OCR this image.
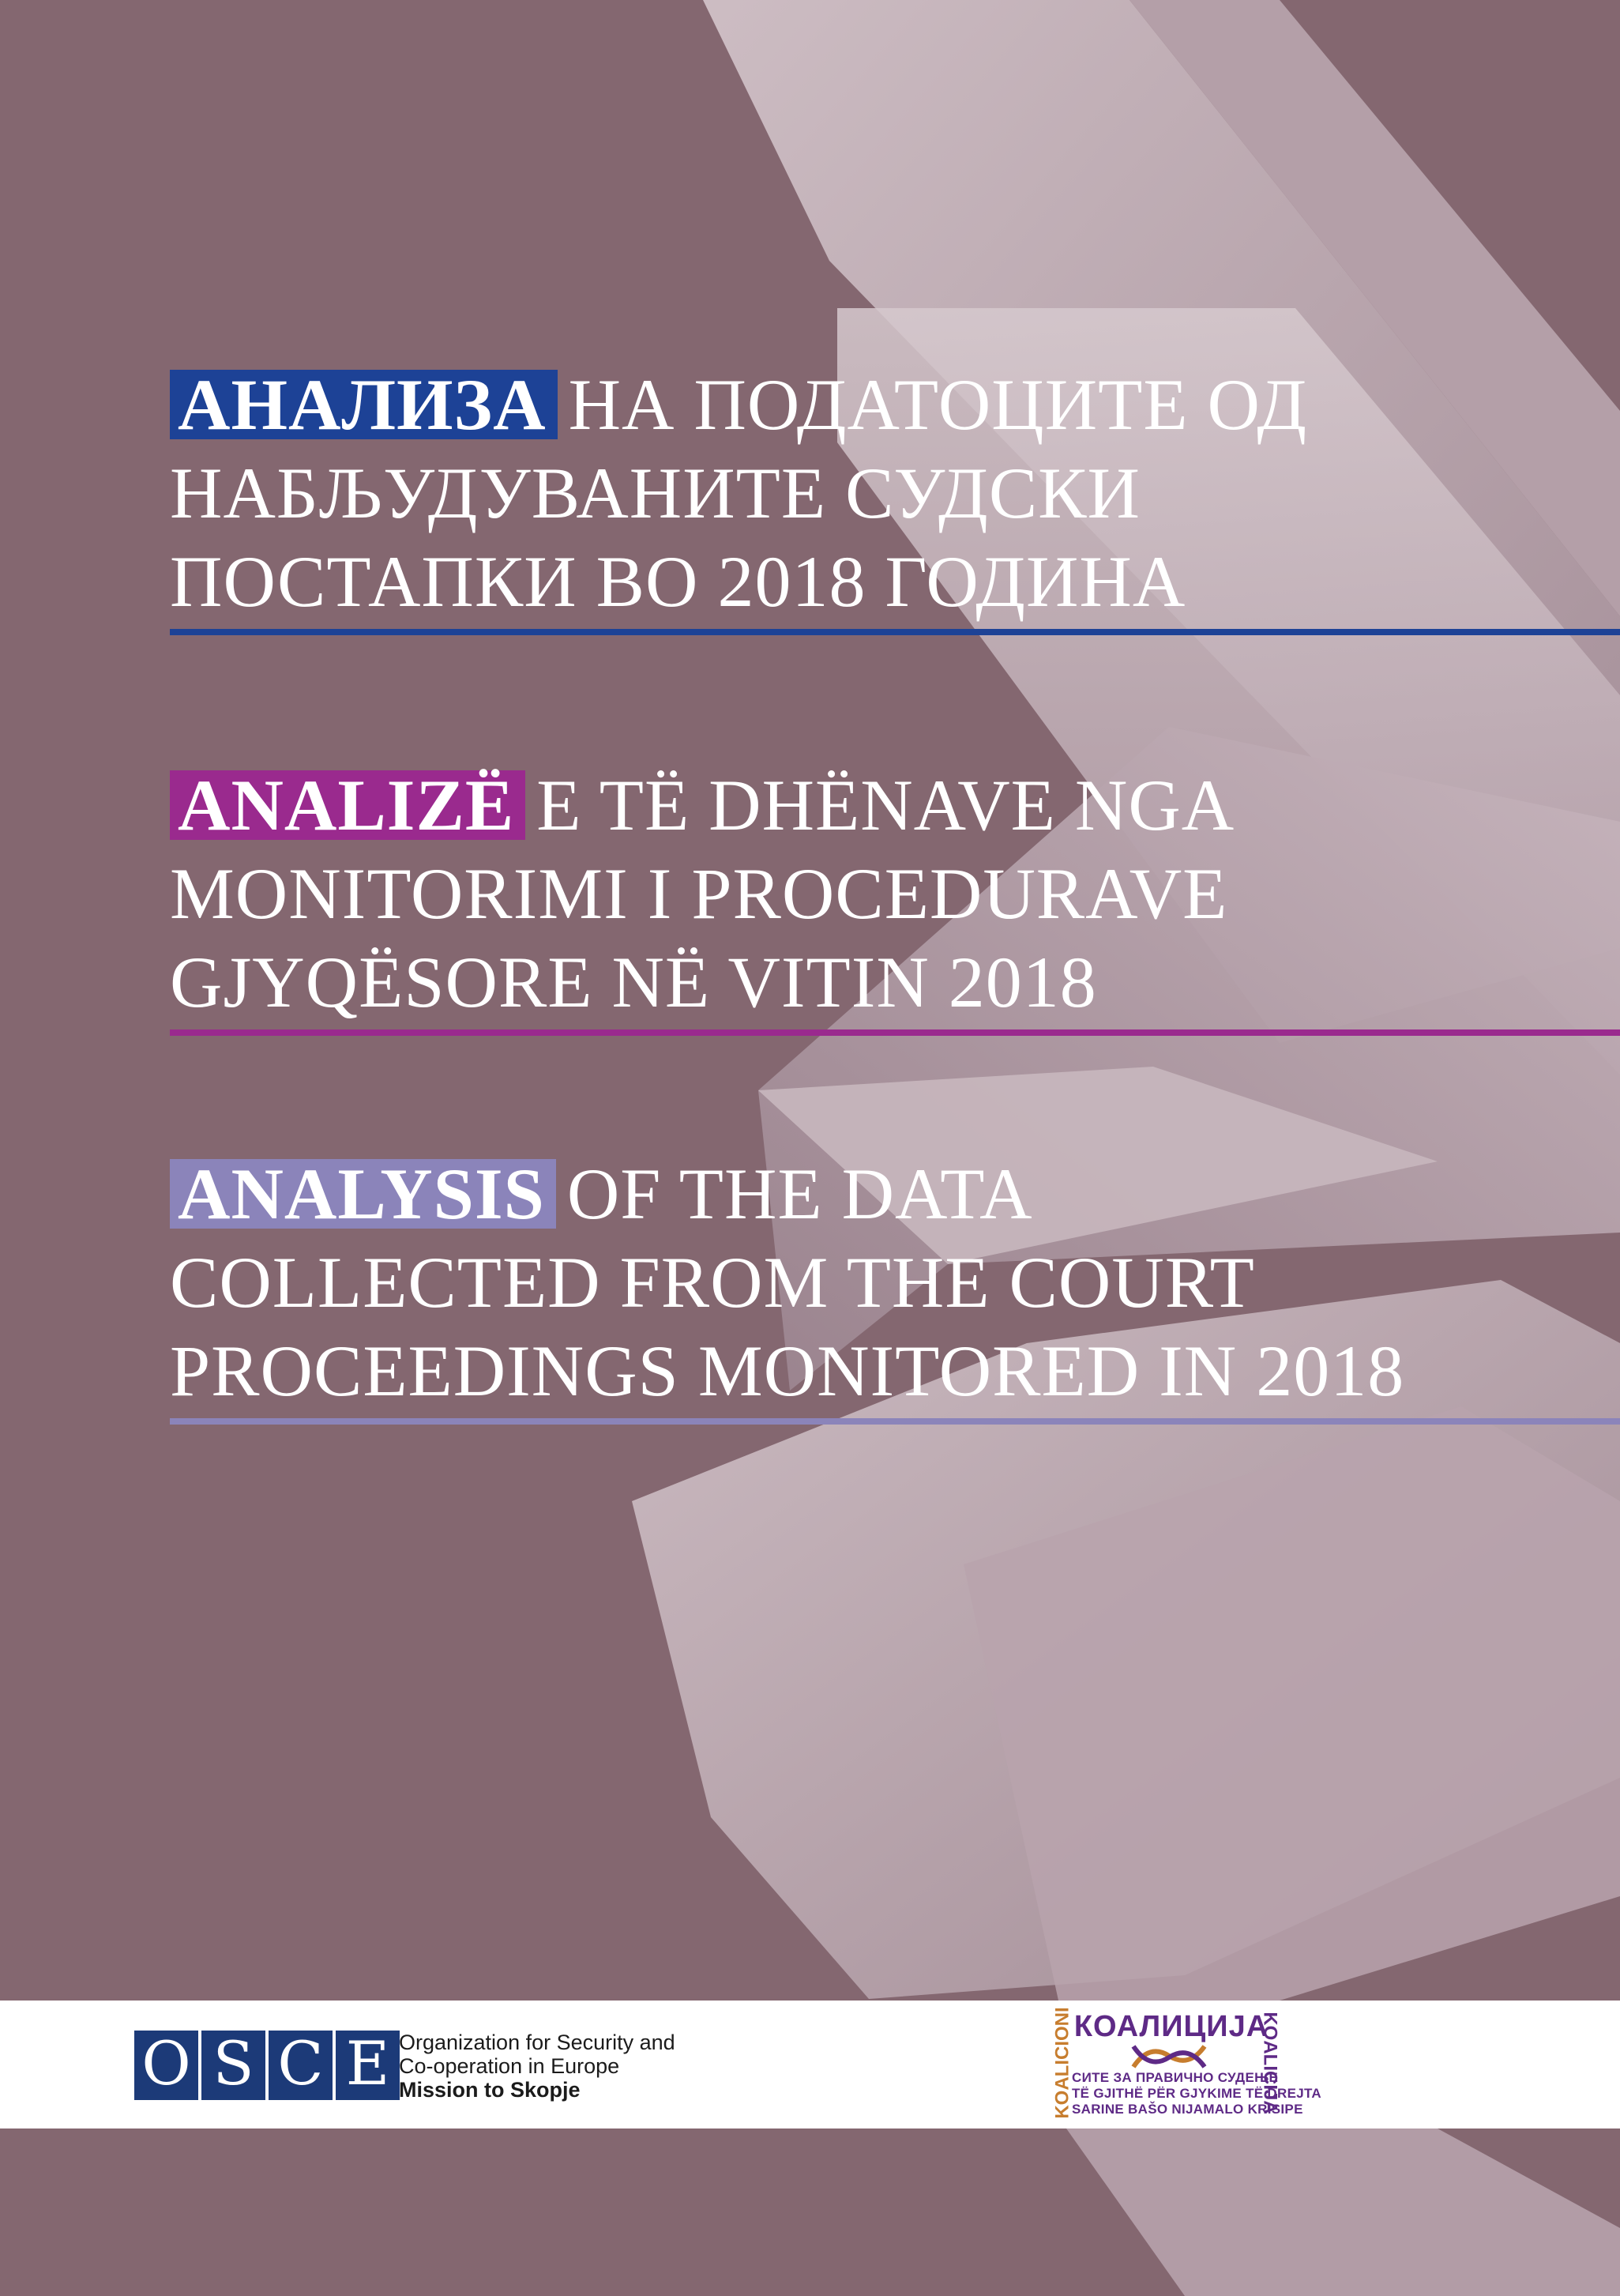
АНАЛИЗА НА ПОДАТОЦИТЕ ОД
НАБЉУДУВАНИТЕ СУДСКИ
ПОСТАПКИ ВО 2018 ГОДИНА
ANALIZË E TË DHËNAVE NGA
MONITORIMI I PROCEDURAVE
GJYQËSORE NË VITIN 2018
ANALYSIS OF THE DATA
COLLECTED FROM THE COURT
PROCEEDINGS MONITORED IN 2018
O S C E Organization for Security and
Co-operation in Europe
Mission to Skopje	KOALICIONI КОАЛИЦИЈА
СИТЕ ЗА ПРАВИЧНО СУДЕЊЕ
TË GJITHË PËR GJYKIME TË DREJTA
SARINE BAŠO NIJAMALO KRISIPE
KOALICIJA
